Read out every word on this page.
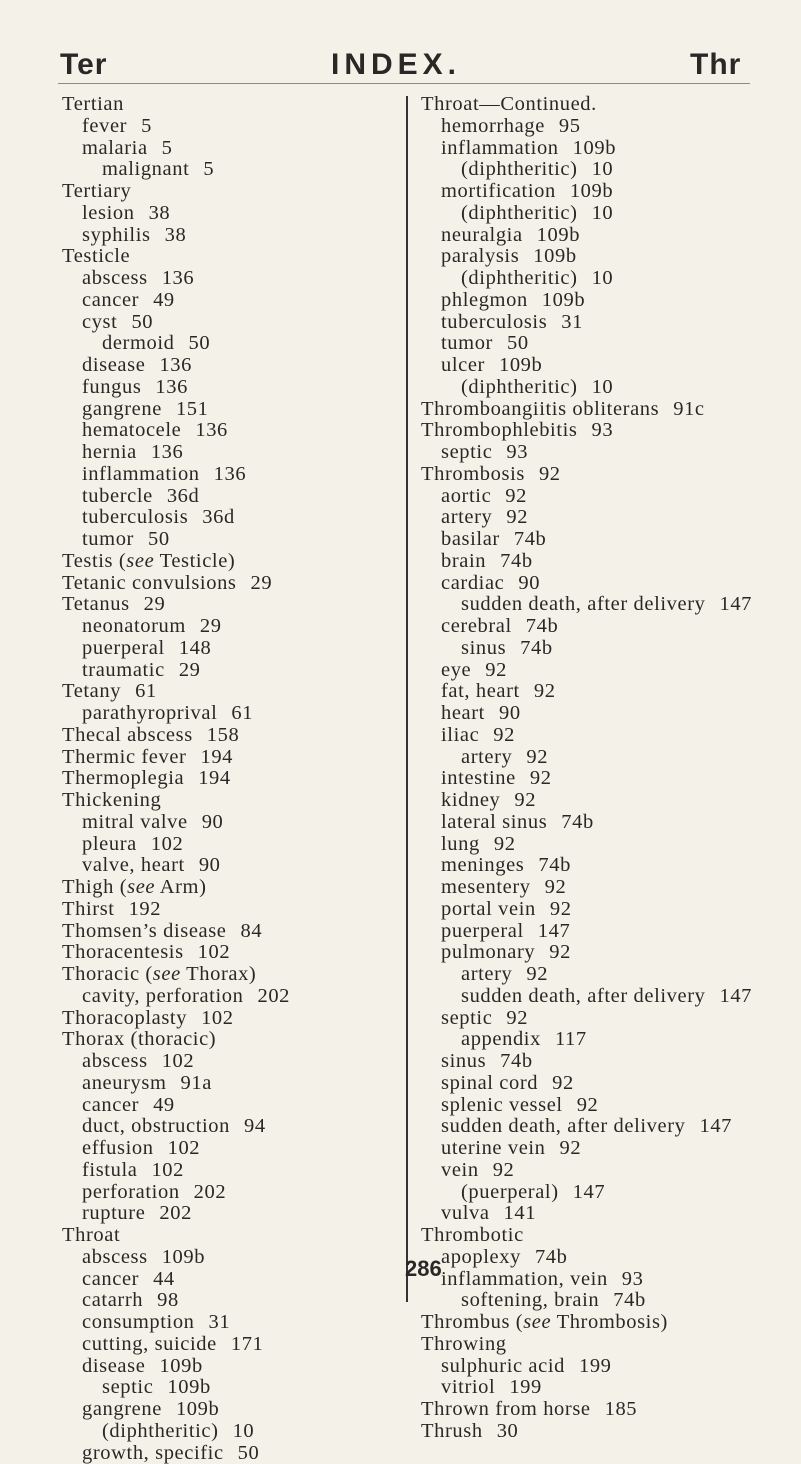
Ter	INDEX.	Thr
Tertian
fever 5
malaria 5
malignant 5
Tertiary
lesion 38
syphilis 38
Testicle
abscess 136
cancer 49
cyst 50
dermoid 50
disease 136
fungus 136
gangrene 151
hematocele 136
hernia 136
inflammation 136
tubercle 36d
tuberculosis 36d
tumor 50
Testis (see Testicle)
Tetanic convulsions 29
Tetanus 29
neonatorum 29
puerperal 148
traumatic 29
Tetany 61
parathyroprival 61
Thecal abscess 158
Thermic fever 194
Thermoplegia 194
Thickening
mitral valve 90
pleura 102
valve, heart 90
Thigh (see Arm)
Thirst 192
Thomsen’s disease 84
Thoracentesis 102
Thoracic (see Thorax)
cavity, perforation 202
Thoracoplasty 102
Thorax (thoracic)
abscess 102
aneurysm 91a
cancer 49
duct, obstruction 94
effusion 102
fistula 102
perforation 202
rupture 202
Throat
abscess 109b
cancer 44
catarrh 98
consumption 31
cutting, suicide 171
disease 109b
septic 109b
gangrene 109b
(diphtheritic) 10
growth, specific 50
Throat—Continued.
hemorrhage 95
inflammation 109b
(diphtheritic) 10
mortification 109b
(diphtheritic) 10
neuralgia 109b
paralysis 109b
(diphtheritic) 10
phlegmon 109b
tuberculosis 31
tumor 50
ulcer 109b
(diphtheritic) 10
Thromboangiitis obliterans 91c
Thrombophlebitis 93
septic 93
Thrombosis 92
aortic 92
artery 92
basilar 74b
brain 74b
cardiac 90
sudden death, after delivery 147
cerebral 74b
sinus 74b
eye 92
fat, heart 92
heart 90
iliac 92
artery 92
intestine 92
kidney 92
lateral sinus 74b
lung 92
meninges 74b
mesentery 92
portal vein 92
puerperal 147
pulmonary 92
artery 92
sudden death, after delivery 147
septic 92
appendix 117
sinus 74b
spinal cord 92
splenic vessel 92
sudden death, after delivery 147
uterine vein 92
vein 92
(puerperal) 147
vulva 141
Thrombotic
apoplexy 74b
inflammation, vein 93
softening, brain 74b
Thrombus (see Thrombosis)
Throwing
sulphuric acid 199
vitriol 199
Thrown from horse 185
Thrush 30
286
